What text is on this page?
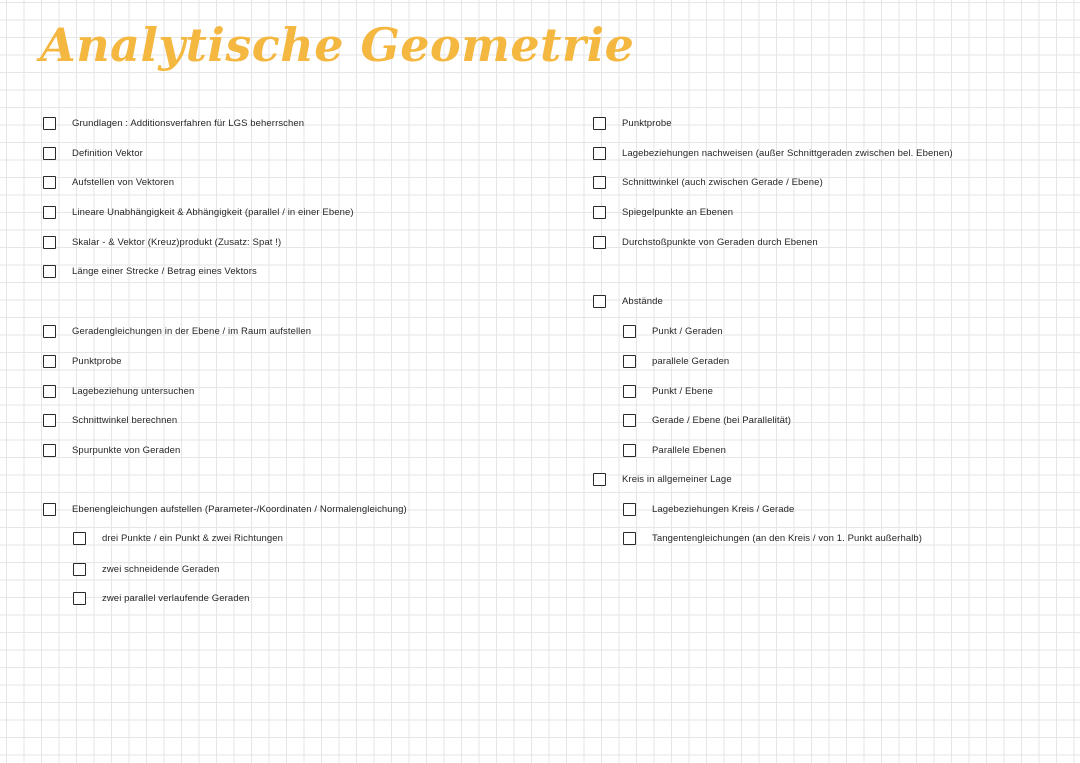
Analytische Geometrie
Grundlagen : Additionsverfahren für LGS beherrschen
Definition Vektor
Aufstellen von Vektoren
Lineare Unabhängigkeit & Abhängigkeit (parallel / in einer Ebene)
Skalar - & Vektor (Kreuz)produkt (Zusatz: Spat !)
Länge einer Strecke / Betrag eines Vektors
Geradengleichungen in der Ebene / im Raum aufstellen
Punktprobe
Lagebeziehung untersuchen
Schnittwinkel berechnen
Spurpunkte von Geraden
Ebenengleichungen aufstellen (Parameter-/Koordinaten / Normalengleichung)
drei Punkte / ein Punkt & zwei Richtungen
zwei schneidende Geraden
zwei parallel verlaufende Geraden
Punktprobe
Lagebeziehungen nachweisen (außer Schnittgeraden zwischen bel. Ebenen)
Schnittwinkel (auch zwischen Gerade / Ebene)
Spiegelpunkte an Ebenen
Durchstoßpunkte von Geraden durch Ebenen
Abstände
Punkt / Geraden
parallele Geraden
Punkt / Ebene
Gerade / Ebene (bei Parallelität)
Parallele Ebenen
Kreis in allgemeiner Lage
Lagebeziehungen Kreis / Gerade
Tangentengleichungen (an den Kreis / von 1. Punkt außerhalb)
